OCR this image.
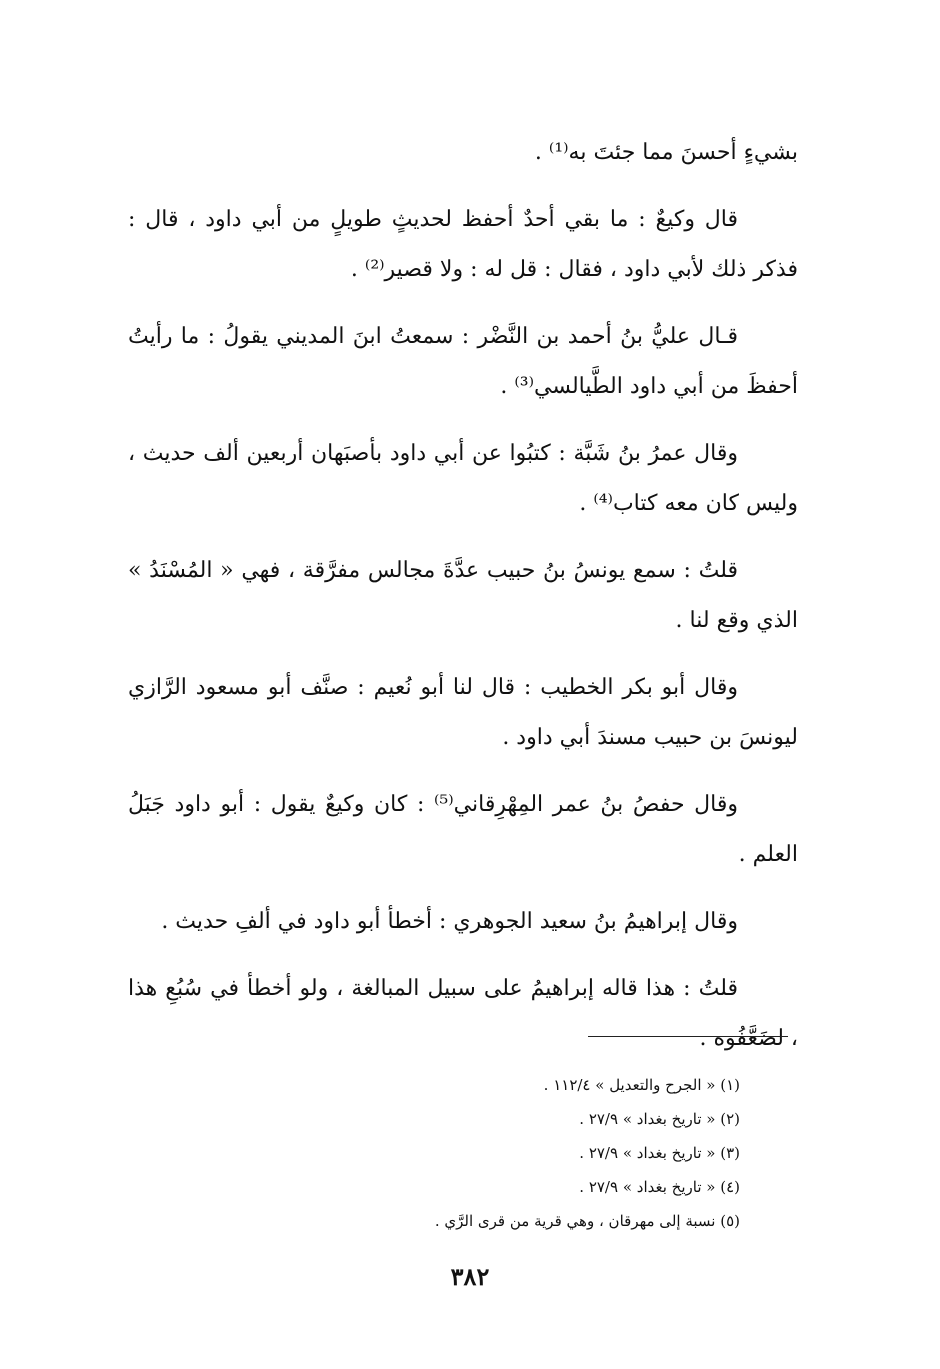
بشيءٍ أحسنَ مما جئتَ به⁽¹⁾ .

قال وكيعٌ : ما بقي أحدٌ أحفظ لحديثٍ طويلٍ من أبي داود ، قال : فذكر ذلك لأبي داود ، فقال : قل له : ولا قصير⁽²⁾ .

قـال عليُّ بنُ أحمد بن النَّضْر : سمعتُ ابنَ المديني يقولُ : ما رأيتُ أحفظَ من أبي داود الطَّيالسي⁽³⁾ .

وقال عمرُ بنُ شَبَّة : كتبُوا عن أبي داود بأصبَهان أربعين ألف حديث ، وليس كان معه كتاب⁽⁴⁾ .

قلتُ : سمع يونسُ بنُ حبيب عدَّةَ مجالس مفرَّقة ، فهي « المُسْنَدُ » الذي وقع لنا .

وقال أبو بكر الخطيب : قال لنا أبو نُعيم : صنَّف أبو مسعود الرَّازي ليونسَ بن حبيب مسندَ أبي داود .

وقال حفصُ بنُ عمر المِهْرِقاني⁽⁵⁾ : كان وكيعٌ يقول : أبو داود جَبَلُ العلم .

وقال إبراهيمُ بنُ سعيد الجوهري : أخطأ أبو داود في ألفِ حديث .

قلتُ : هذا قاله إبراهيمُ على سبيل المبالغة ، ولو أخطأ في سُبُعِ هذا ، لضَعَّفُوه .

(١) « الجرح والتعديل » ١١٢/٤ .
(٢) « تاريخ بغداد » ٢٧/٩ .
(٣) « تاريخ بغداد » ٢٧/٩ .
(٤) « تاريخ بغداد » ٢٧/٩ .
(٥) نسبة إلى مهرقان ، وهي قرية من قرى الرَّي .
٣٨٢
